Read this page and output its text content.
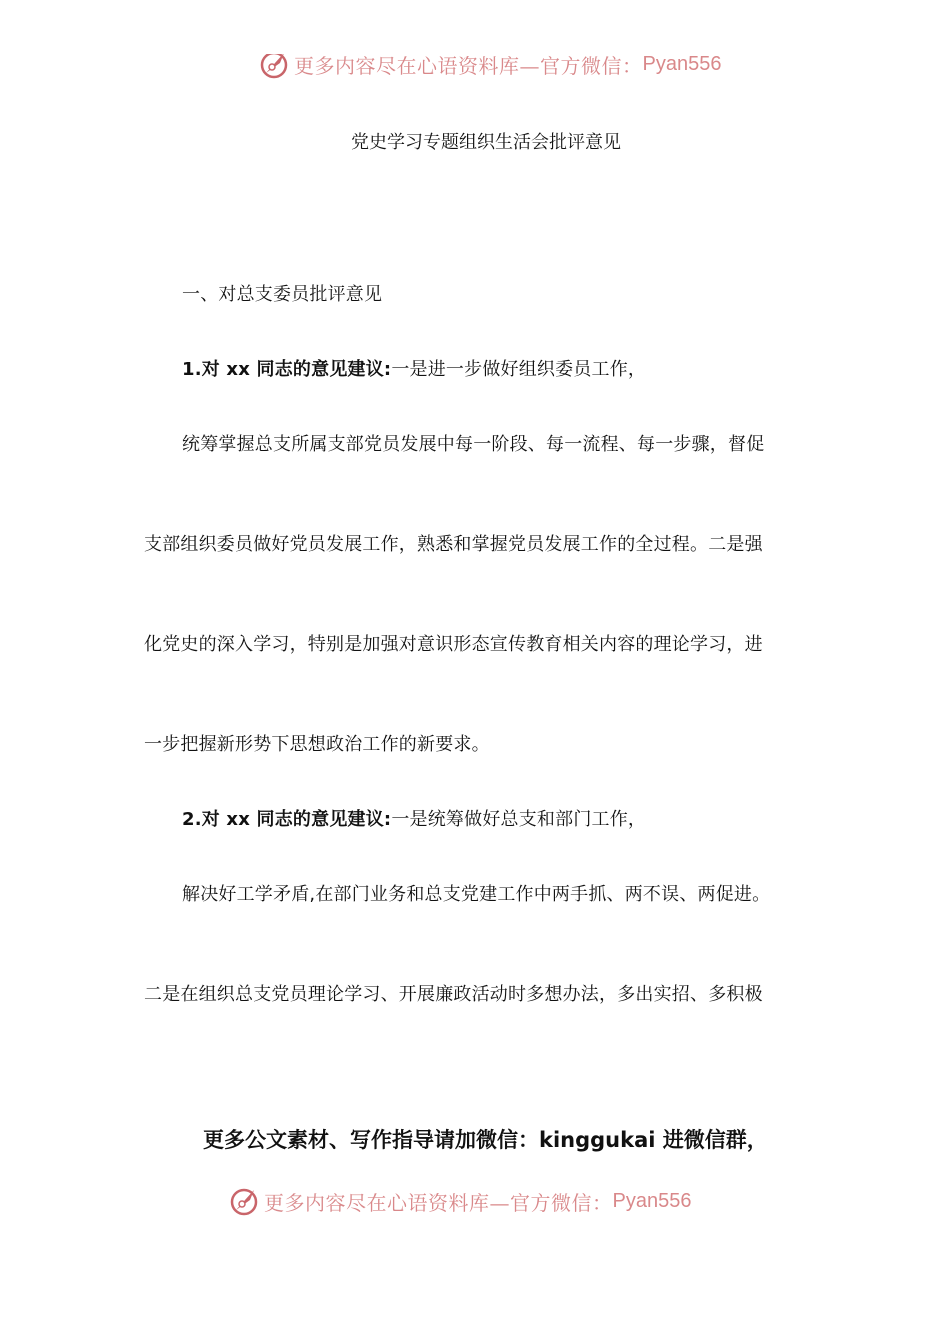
更多内容尽在心语资料库—官方微信： Pyan556
党史学习专题组织生活会批评意见
一、对总支委员批评意见
1.对 xx 同志的意见建议:一是进一步做好组织委员工作，
统筹掌握总支所属支部党员发展中每一阶段、每一流程、每一步骤，督促
支部组织委员做好党员发展工作，熟悉和掌握党员发展工作的全过程。二是强
化党史的深入学习，特别是加强对意识形态宣传教育相关内容的理论学习，进
一步把握新形势下思想政治工作的新要求。
2.对 xx 同志的意见建议:一是统筹做好总支和部门工作，
解决好工学矛盾,在部门业务和总支党建工作中两手抓、两不误、两促进。
二是在组织总支党员理论学习、开展廉政活动时多想办法，多出实招、多积极
更多公文素材、写作指导请加微信：kinggukai 进微信群，
更多内容尽在心语资料库—官方微信： Pyan556
